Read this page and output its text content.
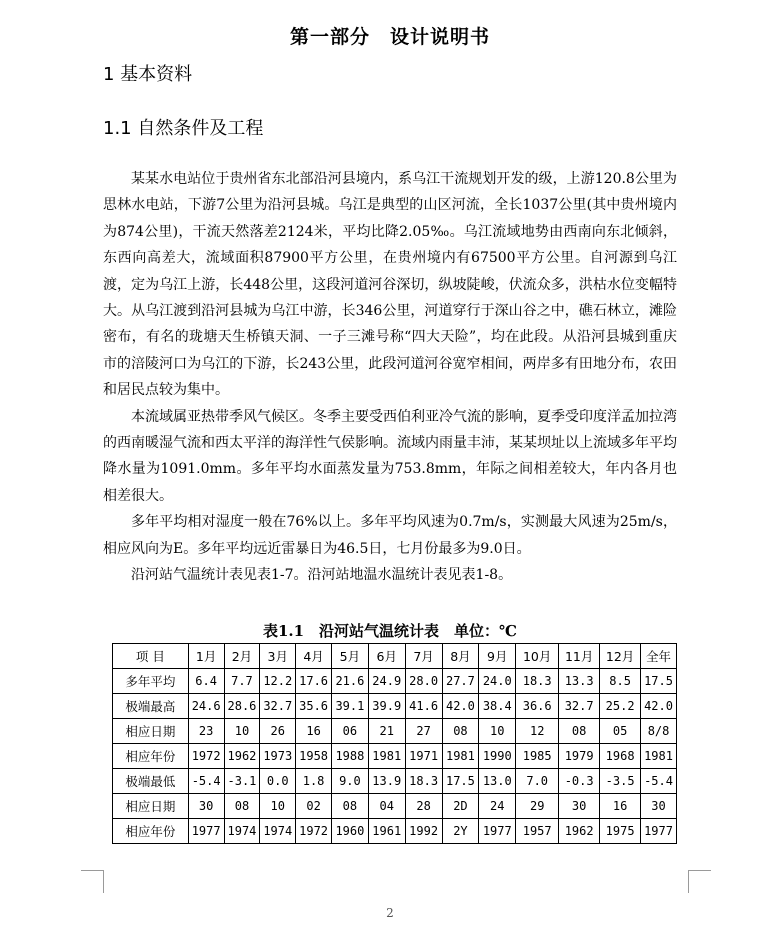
第一部分　设计说明书
1 基本资料
1.1 自然条件及工程

某某水电站位于贵州省东北部沿河县境内，系乌江干流规划开发的级，上游120.8公里为思林水电站，下游7公里为沿河县城。乌江是典型的山区河流，全长1037公里(其中贵州境内为874公里)，干流天然落差2124米，平均比降2.05‰。乌江流域地势由西南向东北倾斜，东西向高差大，流域面积87900平方公里，在贵州境内有67500平方公里。自河源到乌江渡，定为乌江上游，长448公里，这段河道河谷深切，纵坡陡峻，伏流众多，洪枯水位变幅特大。从乌江渡到沿河县城为乌江中游，长346公里，河道穿行于深山谷之中，礁石林立，滩险密布，有名的珑塘天生桥镇天洞、一子三滩号称“四大天险”，均在此段。从沿河县城到重庆市的涪陵河口为乌江的下游，长243公里，此段河道河谷宽窄相间，两岸多有田地分布，农田和居民点较为集中。

本流域属亚热带季风气候区。冬季主要受西伯利亚冷气流的影响，夏季受印度洋孟加拉湾的西南暖湿气流和西太平洋的海洋性气侯影响。流域内雨量丰沛，某某坝址以上流域多年平均降水量为1091.0mm。多年平均水面蒸发量为753.8mm，年际之间相差较大，年内各月也相差很大。

多年平均相对湿度一般在76%以上。多年平均风速为0.7m/s，实测最大风速为25m/s，相应风向为E。多年平均远近雷暴日为46.5日，七月份最多为9.0日。

沿河站气温统计表见表1-7。沿河站地温水温统计表见表1-8。

表1.1　沿河站气温统计表　单位：℃
项 目	1月	2月	3月	4月	5月	6月	7月	8月	9月	10月	11月	12月	全年
多年平均	6.4	7.7	12.2	17.6	21.6	24.9	28.0	27.7	24.0	18.3	13.3	8.5	17.5
极端最高	24.6	28.6	32.7	35.6	39.1	39.9	41.6	42.0	38.4	36.6	32.7	25.2	42.0
相应日期	23	10	26	16	06	21	27	08	10	12	08	05	8/8
相应年份	1972	1962	1973	1958	1988	1981	1971	1981	1990	1985	1979	1968	1981
极端最低	-5.4	-3.1	0.0	1.8	9.0	13.9	18.3	17.5	13.0	7.0	-0.3	-3.5	-5.4
相应日期	30	08	10	02	08	04	28	2D	24	29	30	16	30
相应年份	1977	1974	1974	1972	1960	1961	1992	2Y	1977	1957	1962	1975	1977
2
